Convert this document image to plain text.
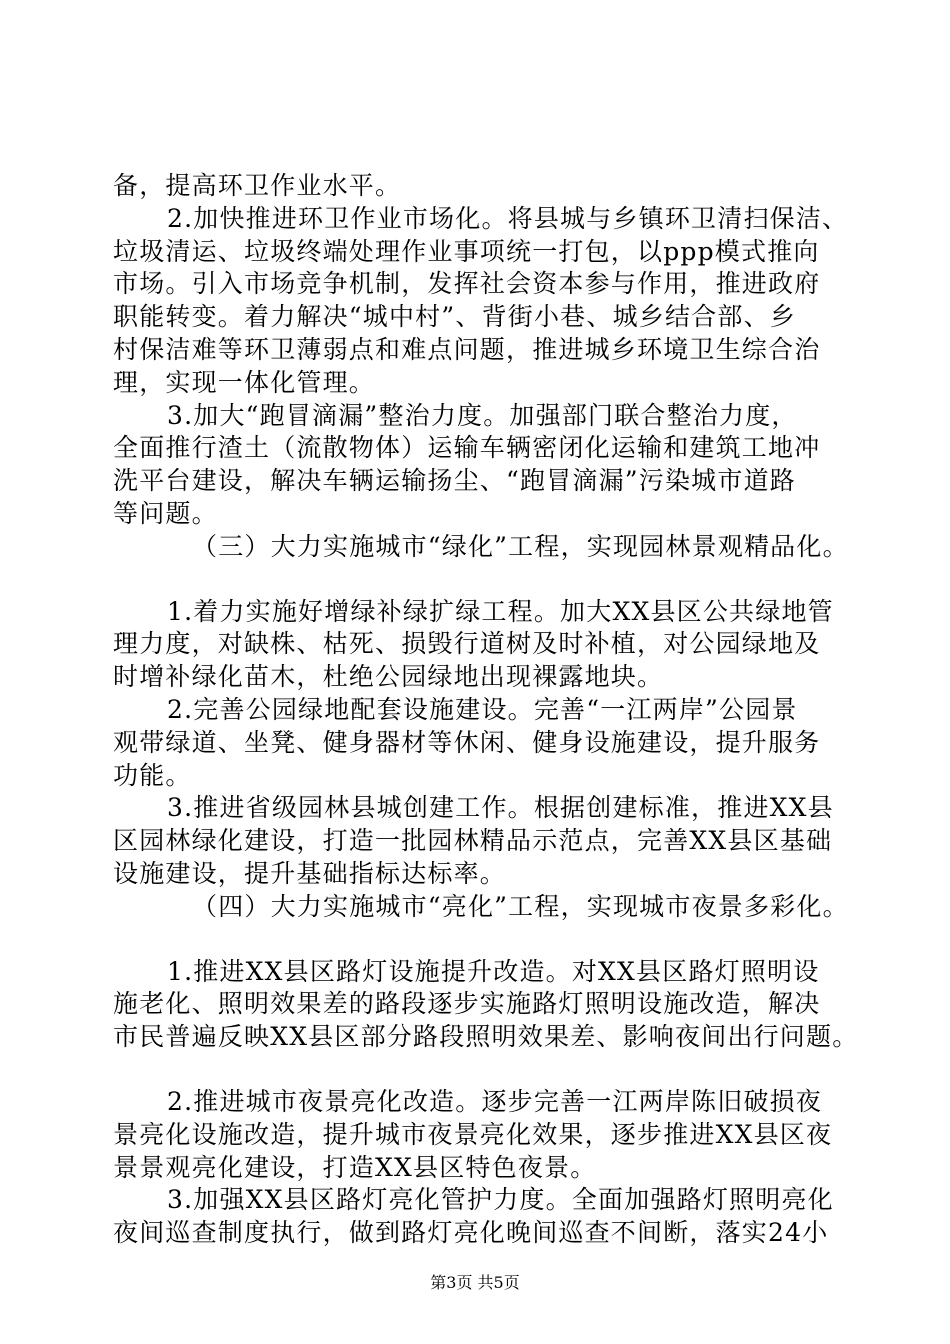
备，提高环卫作业水平。
2.加快推进环卫作业市场化。将县城与乡镇环卫清扫保洁、
垃圾清运、垃圾终端处理作业事项统一打包，以ppp模式推向
市场。引入市场竞争机制，发挥社会资本参与作用，推进政府
职能转变。着力解决“城中村”、背街小巷、城乡结合部、乡
村保洁难等环卫薄弱点和难点问题，推进城乡环境卫生综合治
理，实现一体化管理。
3.加大“跑冒滴漏”整治力度。加强部门联合整治力度，
全面推行渣土（流散物体）运输车辆密闭化运输和建筑工地冲
洗平台建设，解决车辆运输扬尘、“跑冒滴漏”污染城市道路
等问题。
（三）大力实施城市“绿化”工程，实现园林景观精品化。
1.着力实施好增绿补绿扩绿工程。加大XX县区公共绿地管
理力度，对缺株、枯死、损毁行道树及时补植，对公园绿地及
时增补绿化苗木，杜绝公园绿地出现裸露地块。
2.完善公园绿地配套设施建设。完善“一江两岸”公园景
观带绿道、坐凳、健身器材等休闲、健身设施建设，提升服务
功能。
3.推进省级园林县城创建工作。根据创建标准，推进XX县
区园林绿化建设，打造一批园林精品示范点，完善XX县区基础
设施建设，提升基础指标达标率。
（四）大力实施城市“亮化”工程，实现城市夜景多彩化。
1.推进XX县区路灯设施提升改造。对XX县区路灯照明设
施老化、照明效果差的路段逐步实施路灯照明设施改造，解决
市民普遍反映XX县区部分路段照明效果差、影响夜间出行问题。
2.推进城市夜景亮化改造。逐步完善一江两岸陈旧破损夜
景亮化设施改造，提升城市夜景亮化效果，逐步推进XX县区夜
景景观亮化建设，打造XX县区特色夜景。
3.加强XX县区路灯亮化管护力度。全面加强路灯照明亮化
夜间巡查制度执行，做到路灯亮化晚间巡查不间断，落实24小
第3页 共5页
